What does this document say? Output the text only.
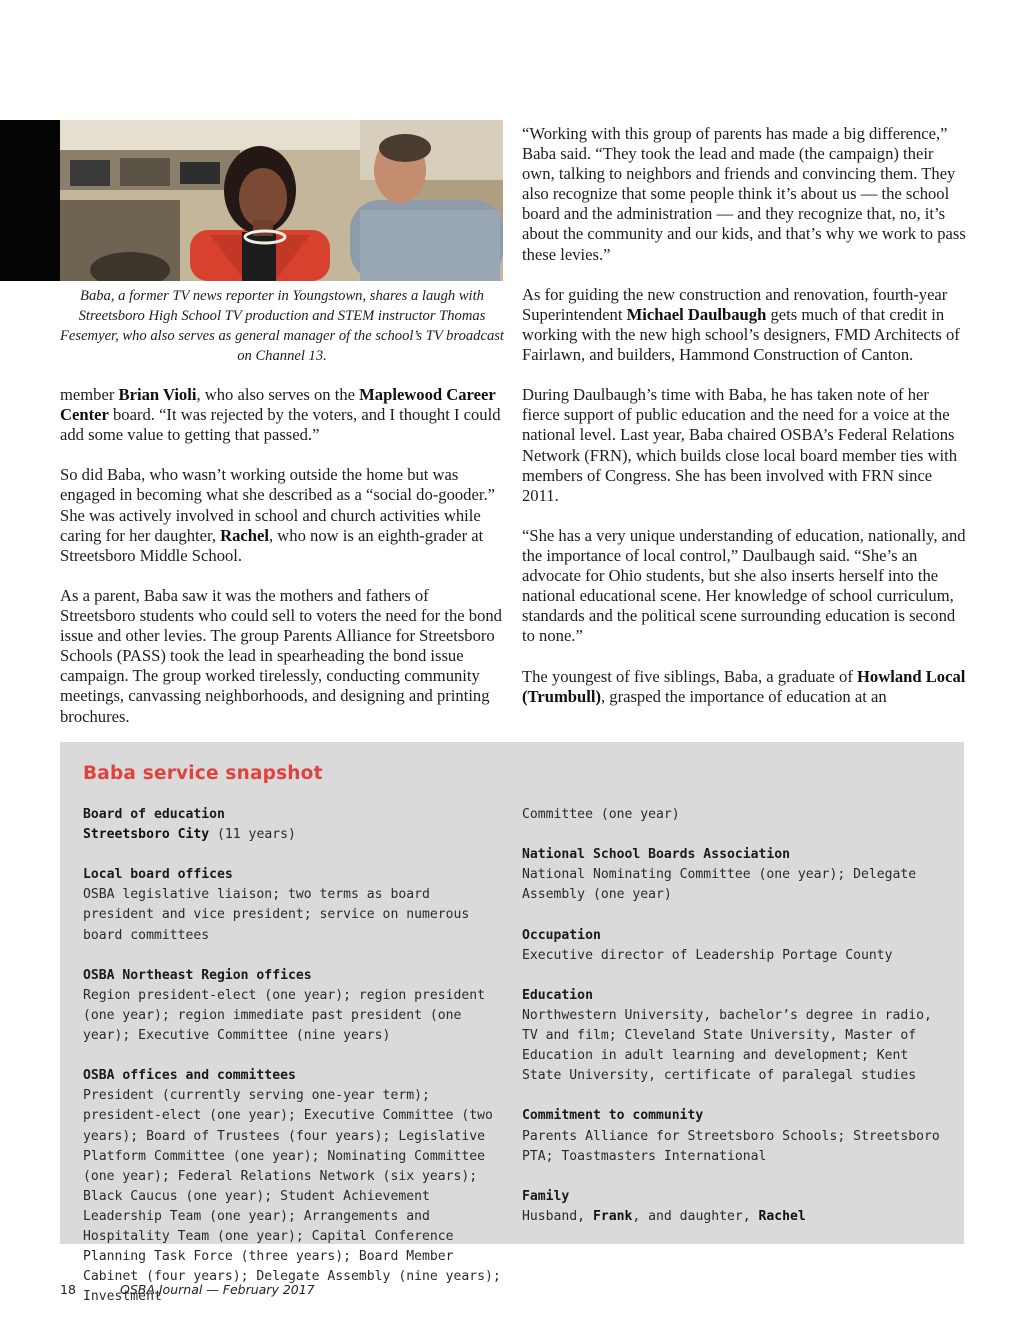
Baba, a former TV news reporter in Youngstown, shares a laugh with Streetsboro High School TV production and STEM instructor Thomas Fesemyer, who also serves as general manager of the school’s TV broadcast on Channel 13.

member Brian Violi, who also serves on the Maplewood Career Center board. “It was rejected by the voters, and I thought I could add some value to getting that passed.”

So did Baba, who wasn’t working outside the home but was engaged in becoming what she described as a “social do-gooder.” She was actively involved in school and church activities while caring for her daughter, Rachel, who now is an eighth-grader at Streetsboro Middle School.

As a parent, Baba saw it was the mothers and fathers of Streetsboro students who could sell to voters the need for the bond issue and other levies. The group Parents Alliance for Streetsboro Schools (PASS) took the lead in spearheading the bond issue campaign. The group worked tirelessly, conducting community meetings, canvassing neighborhoods, and designing and printing brochures.

“Working with this group of parents has made a big difference,” Baba said. “They took the lead and made (the campaign) their own, talking to neighbors and friends and convincing them. They also recognize that some people think it’s about us — the school board and the administration — and they recognize that, no, it’s about the community and our kids, and that’s why we work to pass these levies.”

As for guiding the new construction and renovation, fourth-year Superintendent Michael Daulbaugh gets much of that credit in working with the new high school’s designers, FMD Architects of Fairlawn, and builders, Hammond Construction of Canton.

During Daulbaugh’s time with Baba, he has taken note of her fierce support of public education and the need for a voice at the national level. Last year, Baba chaired OSBA’s Federal Relations Network (FRN), which builds close local board member ties with members of Congress. She has been involved with FRN since 2011.

“She has a very unique understanding of education, nationally, and the importance of local control,” Daulbaugh said. “She’s an advocate for Ohio students, but she also inserts herself into the national educational scene. Her knowledge of school curriculum, standards and the political scene surrounding education is second to none.”

The youngest of five siblings, Baba, a graduate of Howland Local (Trumbull), grasped the importance of education at an

Baba service snapshot
Board of education
Streetsboro City (11 years)
Local board offices
OSBA legislative liaison; two terms as board president and vice president; service on numerous board committees
OSBA Northeast Region offices
Region president-elect (one year); region president (one year); region immediate past president (one year); Executive Committee (nine years)
OSBA offices and committees
President (currently serving one-year term); president-elect (one year); Executive Committee (two years); Board of Trustees (four years); Legislative Platform Committee (one year); Nominating Committee (one year); Federal Relations Network (six years); Black Caucus (one year); Student Achievement Leadership Team (one year); Arrangements and Hospitality Team (one year); Capital Conference Planning Task Force (three years); Board Member Cabinet (four years); Delegate Assembly (nine years); Investment
Committee (one year)
National School Boards Association
National Nominating Committee (one year); Delegate Assembly (one year)
Occupation
Executive director of Leadership Portage County
Education
Northwestern University, bachelor’s degree in radio, TV and film; Cleveland State University, Master of Education in adult learning and development; Kent State University, certificate of paralegal studies
Commitment to community
Parents Alliance for Streetsboro Schools; Streetsboro PTA; Toastmasters International
Family
Husband, Frank, and daughter, Rachel
18	OSBA Journal — February 2017
